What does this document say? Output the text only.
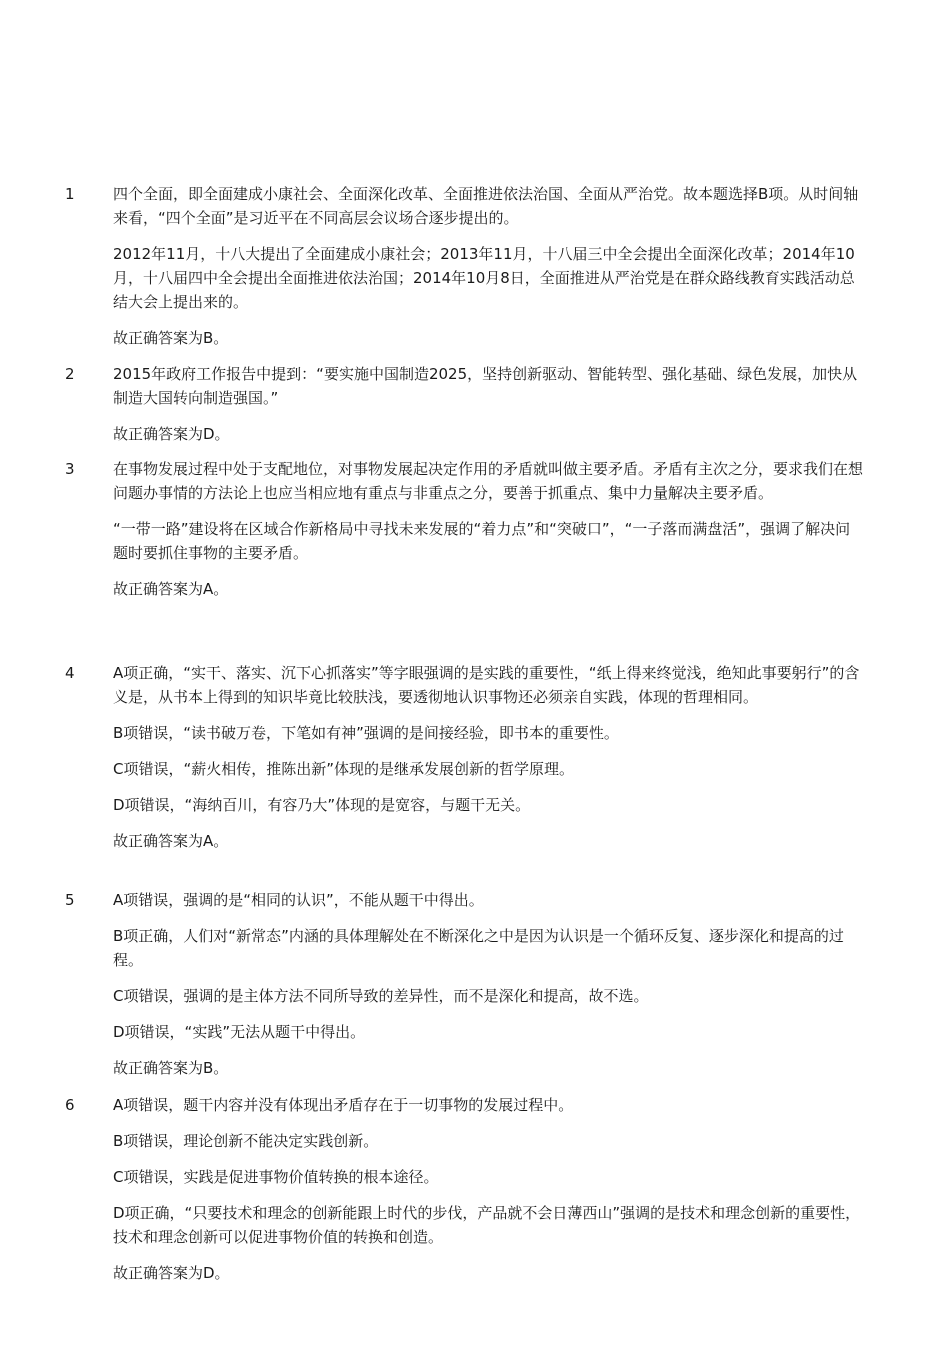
1	四个全面，即全面建成小康社会、全面深化改革、全面推进依法治国、全面从严治党。故本题选择B项。从时间轴来看，“四个全面”是习近平在不同高层会议场合逐步提出的。

2012年11月，十八大提出了全面建成小康社会；2013年11月，十八届三中全会提出全面深化改革；2014年10月，十八届四中全会提出全面推进依法治国；2014年10月8日，全面推进从严治党是在群众路线教育实践活动总结大会上提出来的。

故正确答案为B。

2	2015年政府工作报告中提到：“要实施中国制造2025，坚持创新驱动、智能转型、强化基础、绿色发展，加快从制造大国转向制造强国。”

故正确答案为D。

3	在事物发展过程中处于支配地位，对事物发展起决定作用的矛盾就叫做主要矛盾。矛盾有主次之分，要求我们在想问题办事情的方法论上也应当相应地有重点与非重点之分，要善于抓重点、集中力量解决主要矛盾。

“一带一路”建设将在区域合作新格局中寻找未来发展的“着力点”和“突破口”，“一子落而满盘活”，强调了解决问题时要抓住事物的主要矛盾。

故正确答案为A。

4	A项正确，“实干、落实、沉下心抓落实”等字眼强调的是实践的重要性，“纸上得来终觉浅，绝知此事要躬行”的含义是，从书本上得到的知识毕竟比较肤浅，要透彻地认识事物还必须亲自实践，体现的哲理相同。

B项错误，“读书破万卷，下笔如有神”强调的是间接经验，即书本的重要性。

C项错误，“薪火相传，推陈出新”体现的是继承发展创新的哲学原理。

D项错误，“海纳百川，有容乃大”体现的是宽容，与题干无关。

故正确答案为A。

5	A项错误，强调的是“相同的认识”，不能从题干中得出。

B项正确，人们对“新常态”内涵的具体理解处在不断深化之中是因为认识是一个循环反复、逐步深化和提高的过程。

C项错误，强调的是主体方法不同所导致的差异性，而不是深化和提高，故不选。

D项错误，“实践”无法从题干中得出。

故正确答案为B。

6	A项错误，题干内容并没有体现出矛盾存在于一切事物的发展过程中。

B项错误，理论创新不能决定实践创新。

C项错误，实践是促进事物价值转换的根本途径。

D项正确，“只要技术和理念的创新能跟上时代的步伐，产品就不会日薄西山”强调的是技术和理念创新的重要性，技术和理念创新可以促进事物价值的转换和创造。

故正确答案为D。
